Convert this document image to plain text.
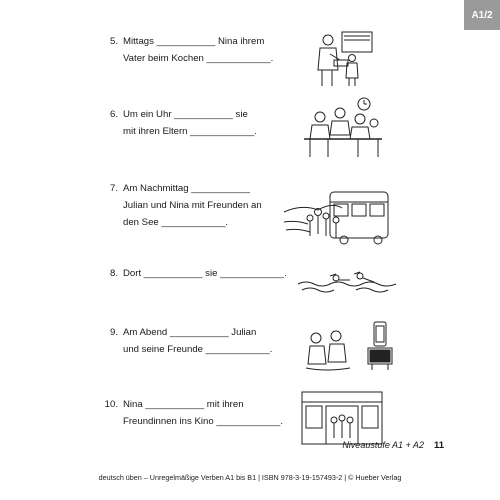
A1/2
5. Mittags ___________ Nina ihrem
Vater beim Kochen ____________.
6. Um ein Uhr ___________ sie
mit ihren Eltern ____________.
7. Am Nachmittag ___________
Julian und Nina mit Freunden an
den See ____________.
8. Dort ___________ sie ____________.
9. Am Abend ___________ Julian
und seine Freunde ____________.
10. Nina ___________ mit ihren
Freundinnen ins Kino ____________.
Niveaustufe A1 + A2 11
deutsch üben – Unregelmäßige Verben A1 bis B1 | ISBN 978-3-19-157493-2 | © Hueber Verlag
